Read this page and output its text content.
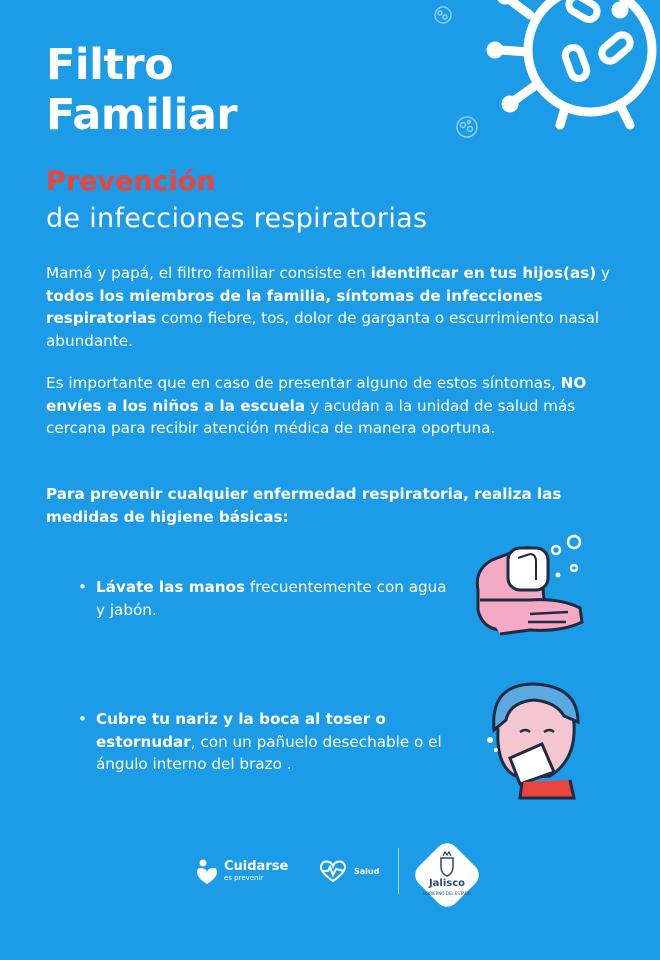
Filtro
Familiar

Prevención

de infecciones respiratorias

Mamá y papá, el filtro familiar consiste en identificar en tus hijos(as) y todos los miembros de la familia, síntomas de infecciones respiratorias como fiebre, tos, dolor de garganta o escurrimiento nasal abundante.

Es importante que en caso de presentar alguno de estos síntomas, NO envíes a los niños a la escuela y acudan a la unidad de salud más cercana para recibir atención médica de manera oportuna.

Para prevenir cualquier enfermedad respiratoria, realiza las medidas de higiene básicas:

• Lávate las manos frecuentemente con agua y jabón.

• Cubre tu nariz y la boca al toser o estornudar, con un pañuelo desechable o el ángulo interno del brazo .

Cuidarse
es prevenir
Salud
Jalisco
GOBIERNO DEL ESTADO
